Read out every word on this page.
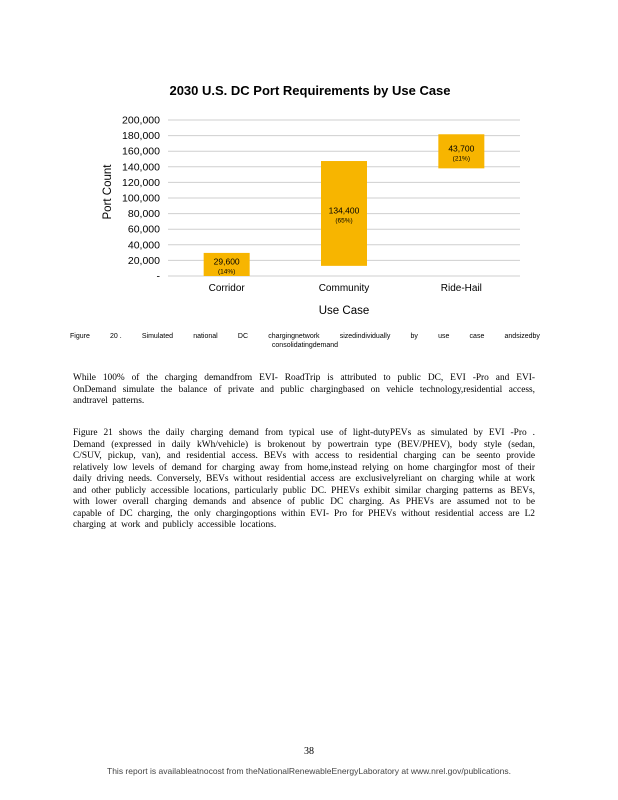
2030 U.S. DC Port Requirements by Use Case
-
20,000
40,000
60,000
80,000
100,000
120,000
140,000
160,000
180,000
200,000
Port Count
29,600
(14%)
134,400
(65%)
43,700
(21%)
Corridor	Community	Ride-Hail
Use Case
Figure	20 .	Simulated	national	DC	chargingnetwork	sizedindividually	by	use	case	andsizedby
consolidatingdemand

While 100% of the charging demandfrom EVI- RoadTrip is attributed to public DC, EVI -Pro and EVI-OnDemand simulate the balance of private and public chargingbased on vehicle technology,residential access, andtravel patterns.

Figure 21 shows the daily charging demand from typical use of light-dutyPEVs as simulated by EVI -Pro . Demand (expressed in daily kWh/vehicle) is brokenout by powertrain type (BEV/PHEV), body style (sedan, C/SUV, pickup, van), and residential access. BEVs with access to residential charging can be seento provide relatively low levels of demand for charging away from home,instead relying on home chargingfor most of their daily driving needs. Conversely, BEVs without residential access are exclusivelyreliant on charging while at work and other publicly accessible locations, particularly public DC. PHEVs exhibit similar charging patterns as BEVs, with lower overall charging demands and absence of public DC charging. As PHEVs are assumed not to be capable of DC charging, the only chargingoptions within EVI- Pro for PHEVs without residential access are L2 charging at work and publicly accessible locations.

38
This report is availableatnocost from theNationalRenewableEnergyLaboratory at www.nrel.gov/publications.
